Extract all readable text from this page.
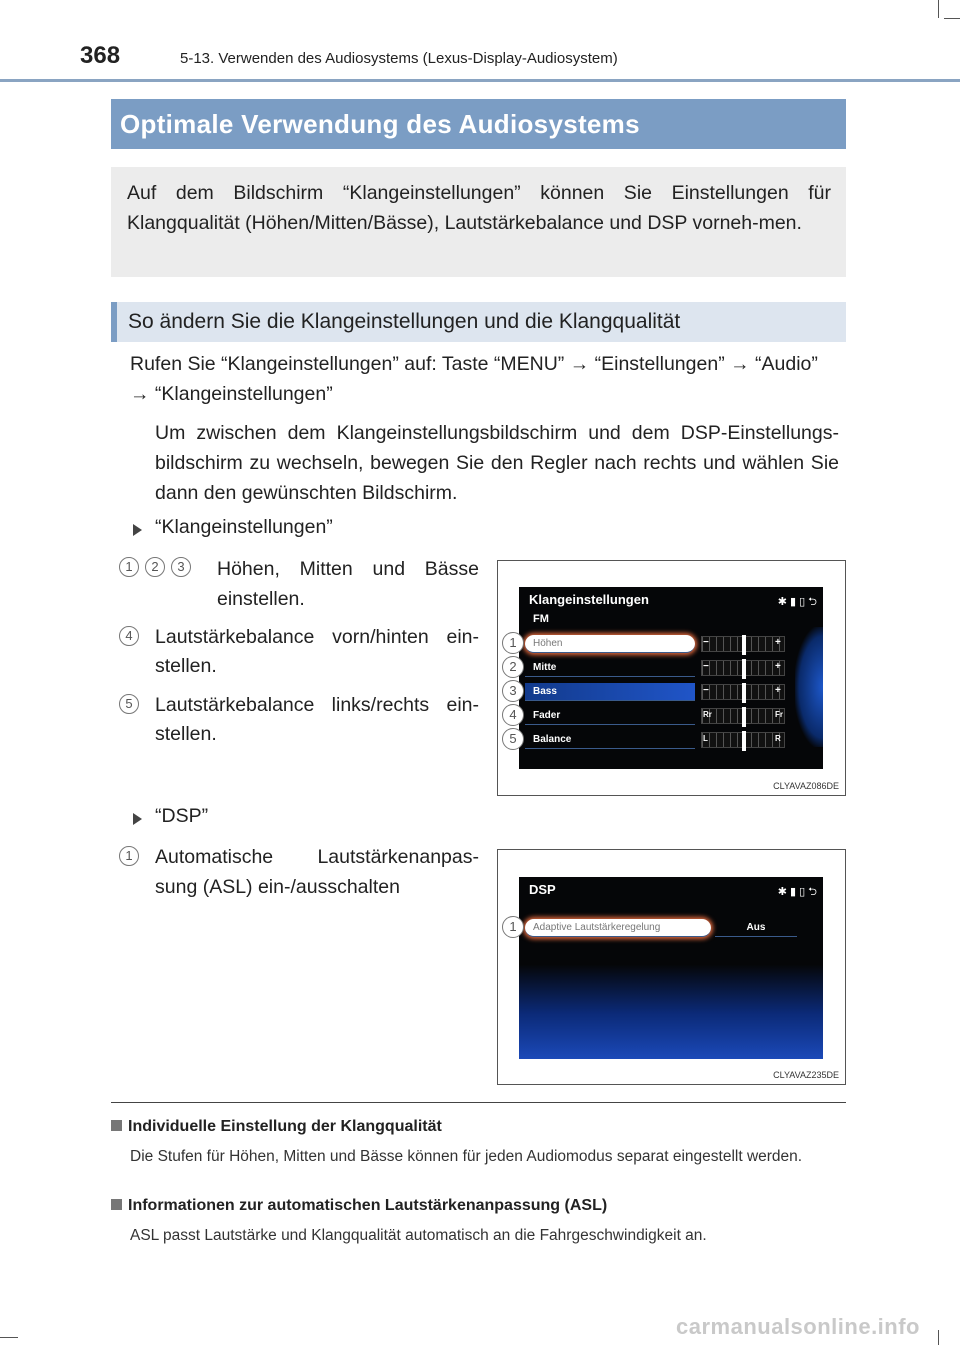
368	5-13. Verwenden des Audiosystems (Lexus-Display-Audiosystem)
Optimale Verwendung des Audiosystems

Auf dem Bildschirm “Klangeinstellungen” können Sie Einstellungen für Klangqualität (Höhen/Mitten/Bässe), Lautstärkebalance und DSP vorneh-men.

So ändern Sie die Klangeinstellungen und die Klangqualität
Rufen Sie “Klangeinstellungen” auf: Taste “MENU” → “Einstellungen” → “Audio”
→ “Klangeinstellungen”
Um zwischen dem Klangeinstellungsbildschirm und dem DSP-Einstellungs-bildschirm zu wechseln, bewegen Sie den Regler nach rechts und wählen Sie dann den gewünschten Bildschirm.
“Klangeinstellungen”
1 2 3	Höhen, Mitten und Bässe
einstellen.
4	Lautstärkebalance vorn/hinten ein-
stellen.
5	Lautstärkebalance links/rechts ein-
stellen.
Klangeinstellungen
FM
✱ ▮ ▯ ⮌
Höhen
Mitte
Bass
Fader
Balance
−	+
−	+
−	+
Rr	Fr
L	R
1
2
3
4
5
CLYAVAZ086DE
“DSP”
1	Automatische Lautstärkenanpas-
sung (ASL) ein-/ausschalten	DSP	✱ ▮ ▯ ⮌
Adaptive Lautstärkeregelung	Aus
1
CLYAVAZ235DE
Individuelle Einstellung der Klangqualität
Die Stufen für Höhen, Mitten und Bässe können für jeden Audiomodus separat eingestellt werden.
Informationen zur automatischen Lautstärkenanpassung (ASL)
ASL passt Lautstärke und Klangqualität automatisch an die Fahrgeschwindigkeit an.
carmanualsonline.info
